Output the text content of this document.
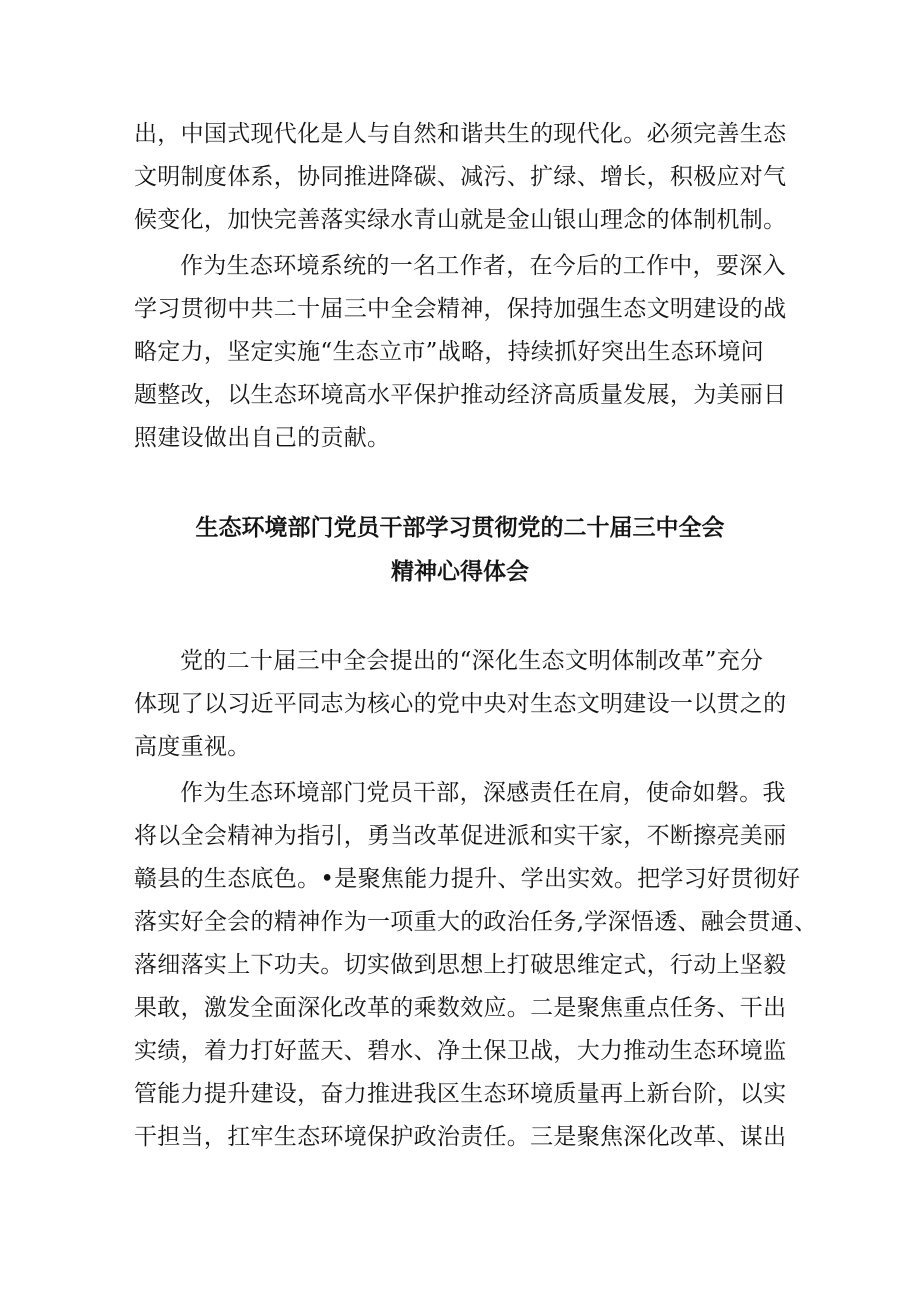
出，中国式现代化是人与自然和谐共生的现代化。必须完善生态
文明制度体系，协同推进降碳、减污、扩绿、增长，积极应对气
候变化，加快完善落实绿水青山就是金山银山理念的体制机制。
作为生态环境系统的一名工作者，在今后的工作中，要深入
学习贯彻中共二十届三中全会精神，保持加强生态文明建设的战
略定力，坚定实施“生态立市”战略，持续抓好突出生态环境问
题整改，以生态环境高水平保护推动经济高质量发展，为美丽日
照建设做出自己的贡献。
生态环境部门党员干部学习贯彻党的二十届三中全会
精神心得体会
党的二十届三中全会提出的“深化生态文明体制改革”充分
体现了以习近平同志为核心的党中央对生态文明建设一以贯之的
高度重视。
作为生态环境部门党员干部，深感责任在肩，使命如磐。我
将以全会精神为指引，勇当改革促进派和实干家，不断擦亮美丽
赣县的生态底色。•是聚焦能力提升、学出实效。把学习好贯彻好
落实好全会的精神作为一项重大的政治任务,学深悟透、融会贯通、
落细落实上下功夫。切实做到思想上打破思维定式，行动上坚毅
果敢，激发全面深化改革的乘数效应。二是聚焦重点任务、干出
实绩，着力打好蓝天、碧水、净土保卫战，大力推动生态环境监
管能力提升建设，奋力推进我区生态环境质量再上新台阶，以实
干担当，扛牢生态环境保护政治责任。三是聚焦深化改革、谋出
